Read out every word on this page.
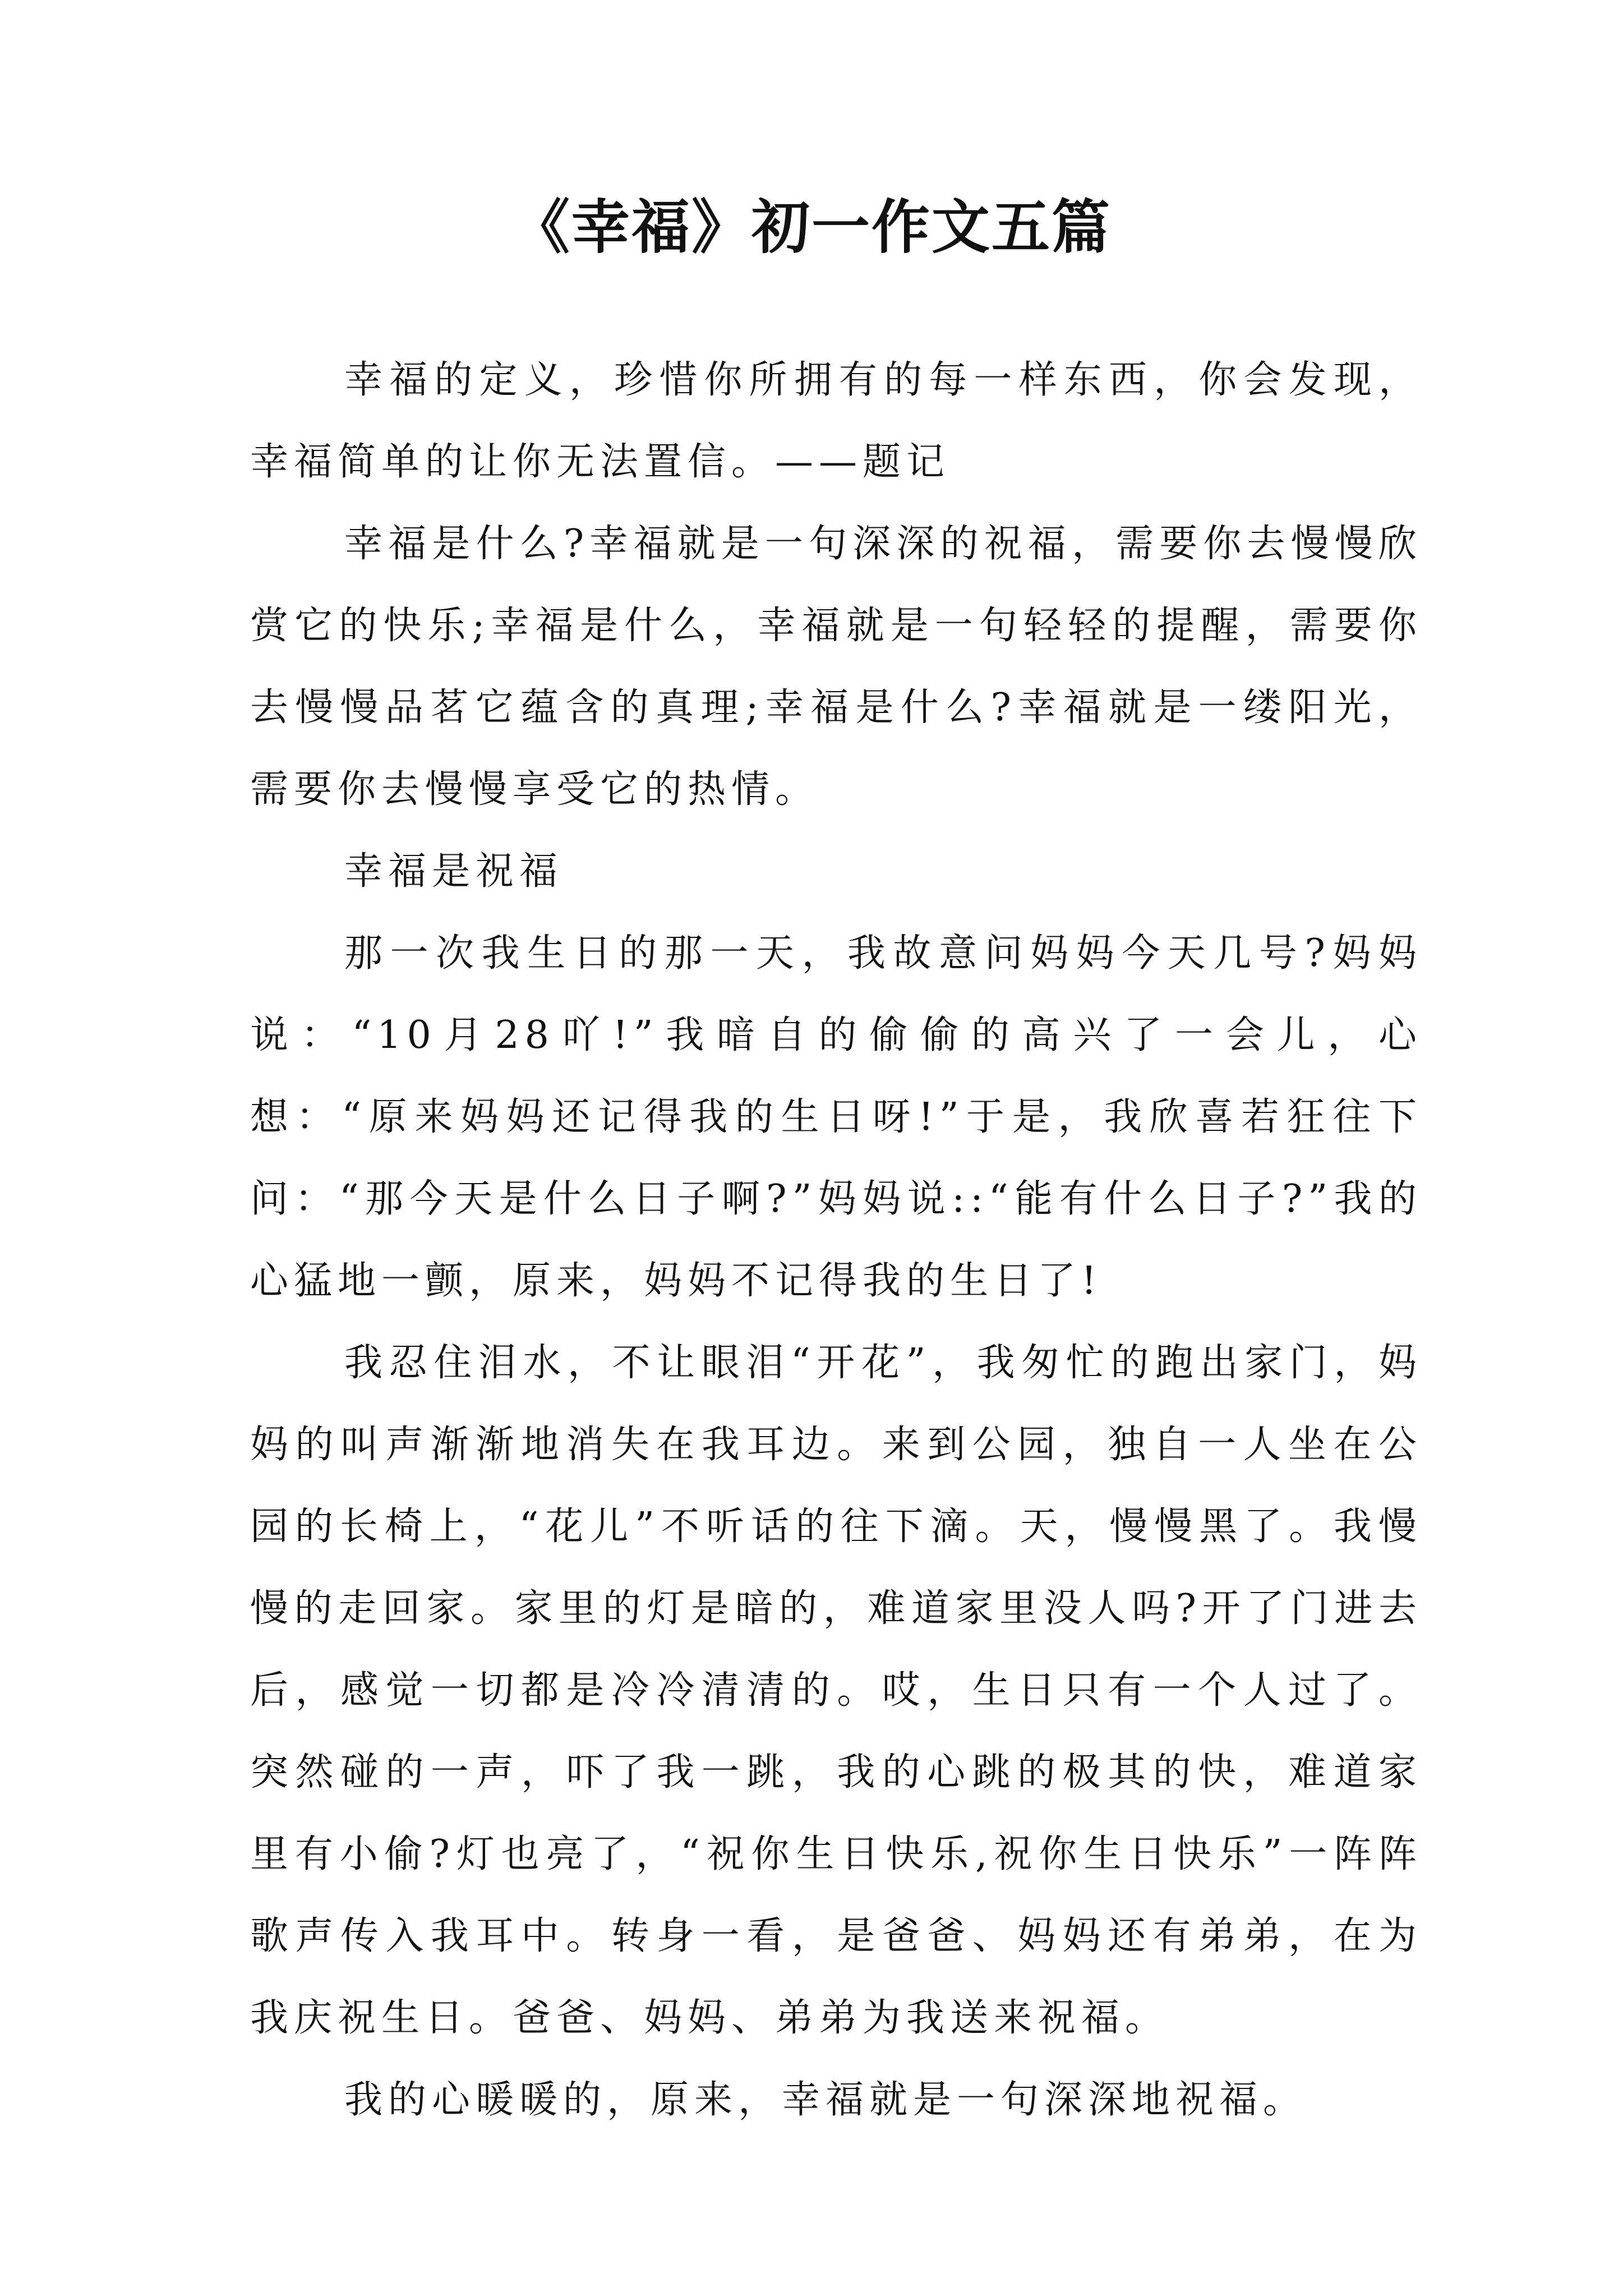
《幸福》初一作文五篇

幸福的定义，珍惜你所拥有的每一样东西，你会发现，幸福简单的让你无法置信。——题记

幸福是什么?幸福就是一句深深的祝福，需要你去慢慢欣赏它的快乐;幸福是什么，幸福就是一句轻轻的提醒，需要你去慢慢品茗它蕴含的真理;幸福是什么?幸福就是一缕阳光，需要你去慢慢享受它的热情。

幸福是祝福

那一次我生日的那一天，我故意问妈妈今天几号?妈妈说：“10月28吖!”我暗自的偷偷的高兴了一会儿，心想：“原来妈妈还记得我的生日呀!”于是，我欣喜若狂往下问：“那今天是什么日子啊?”妈妈说::“能有什么日子?”我的心猛地一颤，原来，妈妈不记得我的生日了!

我忍住泪水，不让眼泪“开花”，我匆忙的跑出家门，妈妈的叫声渐渐地消失在我耳边。来到公园，独自一人坐在公园的长椅上，“花儿”不听话的往下滴。天，慢慢黑了。我慢慢的走回家。家里的灯是暗的，难道家里没人吗?开了门进去后，感觉一切都是冷冷清清的。哎，生日只有一个人过了。突然碰的一声，吓了我一跳，我的心跳的极其的快，难道家里有小偷?灯也亮了，“祝你生日快乐,祝你生日快乐”一阵阵歌声传入我耳中。转身一看，是爸爸、妈妈还有弟弟，在为我庆祝生日。爸爸、妈妈、弟弟为我送来祝福。

我的心暖暖的，原来，幸福就是一句深深地祝福。
